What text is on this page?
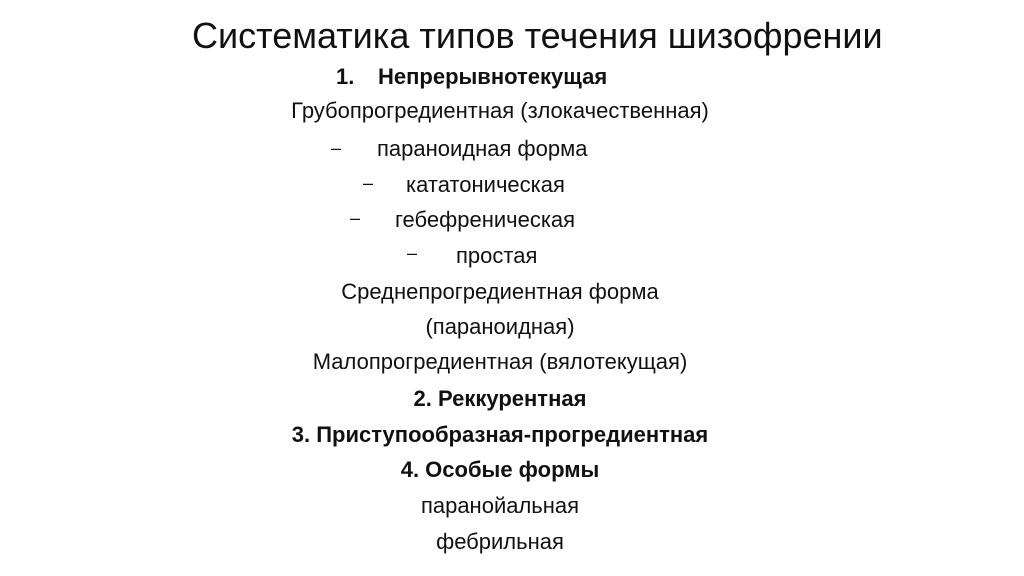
Систематика типов течения шизофрении
1. Непрерывнотекущая
Грубопрогредиентная (злокачественная)
– параноидная форма
– кататоническая
– гебефреническая
– простая
Среднепрогредиентная форма
(параноидная)
Малопрогредиентная (вялотекущая)
2. Реккурентная
3. Приступообразная-прогредиентная
4. Особые формы
паранойальная
фебрильная
